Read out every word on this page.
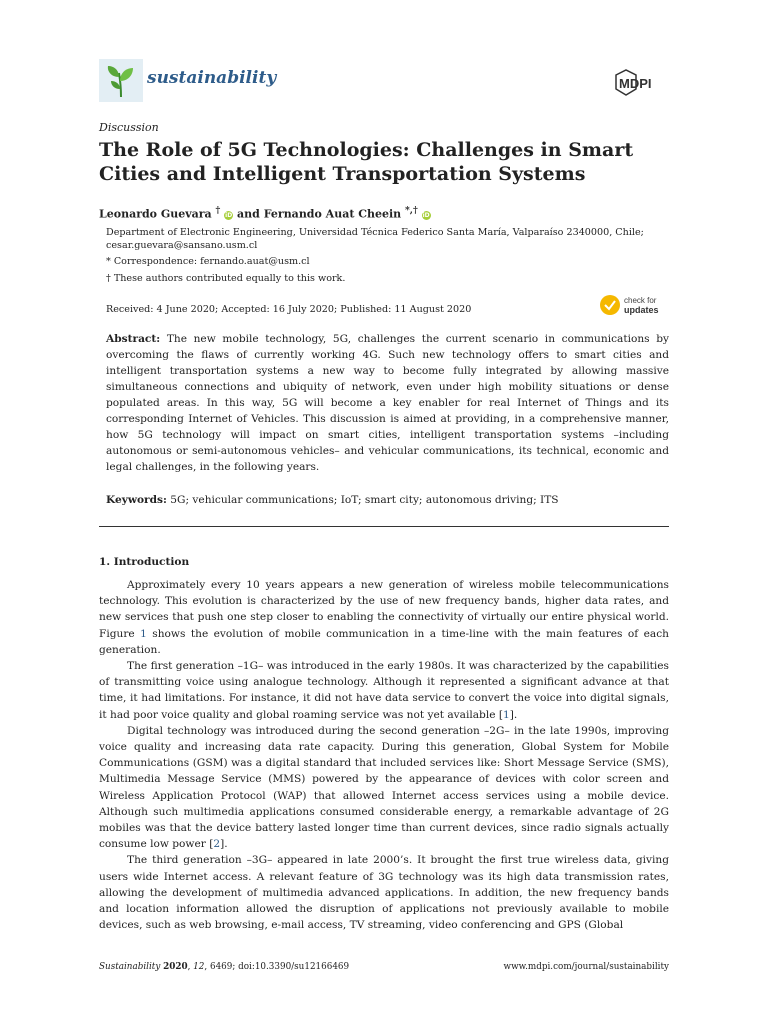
sustainability	MDPI
Discussion
The Role of 5G Technologies: Challenges in Smart Cities and Intelligent Transportation Systems
Leonardo Guevara † iD and Fernando Auat Cheein *,† iD
Department of Electronic Engineering, Universidad Técnica Federico Santa María, Valparaíso 2340000, Chile; cesar.guevara@sansano.usm.cl
* Correspondence: fernando.auat@usm.cl
† These authors contributed equally to this work.
Received: 4 June 2020; Accepted: 16 July 2020; Published: 11 August 2020
check for
updates
Abstract: The new mobile technology, 5G, challenges the current scenario in communications by overcoming the flaws of currently working 4G. Such new technology offers to smart cities and intelligent transportation systems a new way to become fully integrated by allowing massive simultaneous connections and ubiquity of network, even under high mobility situations or dense populated areas. In this way, 5G will become a key enabler for real Internet of Things and its corresponding Internet of Vehicles. This discussion is aimed at providing, in a comprehensive manner, how 5G technology will impact on smart cities, intelligent transportation systems –including autonomous or semi-autonomous vehicles– and vehicular communications, its technical, economic and legal challenges, in the following years.
Keywords: 5G; vehicular communications; IoT; smart city; autonomous driving; ITS
1. Introduction

Approximately every 10 years appears a new generation of wireless mobile telecommunications technology. This evolution is characterized by the use of new frequency bands, higher data rates, and new services that push one step closer to enabling the connectivity of virtually our entire physical world. Figure 1 shows the evolution of mobile communication in a time-line with the main features of each generation.

The first generation –1G– was introduced in the early 1980s. It was characterized by the capabilities of transmitting voice using analogue technology. Although it represented a significant advance at that time, it had limitations. For instance, it did not have data service to convert the voice into digital signals, it had poor voice quality and global roaming service was not yet available [1].

Digital technology was introduced during the second generation –2G– in the late 1990s, improving voice quality and increasing data rate capacity. During this generation, Global System for Mobile Communications (GSM) was a digital standard that included services like: Short Message Service (SMS), Multimedia Message Service (MMS) powered by the appearance of devices with color screen and Wireless Application Protocol (WAP) that allowed Internet access services using a mobile device. Although such multimedia applications consumed considerable energy, a remarkable advantage of 2G mobiles was that the device battery lasted longer time than current devices, since radio signals actually consume low power [2].

The third generation –3G– appeared in late 2000’s. It brought the first true wireless data, giving users wide Internet access. A relevant feature of 3G technology was its high data transmission rates, allowing the development of multimedia advanced applications. In addition, the new frequency bands and location information allowed the disruption of applications not previously available to mobile devices, such as web browsing, e-mail access, TV streaming, video conferencing and GPS (Global

Sustainability 2020, 12, 6469; doi:10.3390/su12166469	www.mdpi.com/journal/sustainability
